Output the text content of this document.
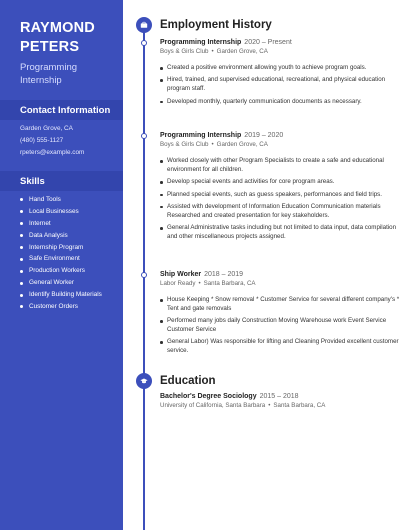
RAYMOND
PETERS
Programming
Internship
Contact Information
Garden Grove, CA
(480) 555-1127
rpeters@example.com
Skills
Hand Tools
Local Businesses
Internet
Data Analysis
Internship Program
Safe Environment
Production Workers
General Worker
Identify Building Materials
Customer Orders
Employment History
Programming Internship 2020 – Present
Boys & Girls Club • Garden Grove, CA
Created a positive environment allowing youth to achieve program goals.
Hired, trained, and supervised educational, recreational, and physical education program staff.
Developed monthly, quarterly communication documents as necessary.
Programming Internship 2019 – 2020
Boys & Girls Club • Garden Grove, CA
Worked closely with other Program Specialists to create a safe and educational environment for all children.
Develop special events and activities for core program areas.
Planned special events, such as guess speakers, performances and field trips.
Assisted with development of Information Education Communication materials Researched and created presentation for key stakeholders.
General Administrative tasks including but not limited to data input, data compilation and other miscellaneous projects assigned.
Ship Worker 2018 – 2019
Labor Ready • Santa Barbara, CA
House Keeping * Snow removal * Customer Service for several different company's * Tent and gate removals
Performed many jobs daily Construction Moving Warehouse work Event Service Customer Service
General Labor) Was responsible for lifting and Cleaning Provided excellent customer service.
Education
Bachelor's Degree Sociology 2015 – 2018
University of California, Santa Barbara • Santa Barbara, CA
